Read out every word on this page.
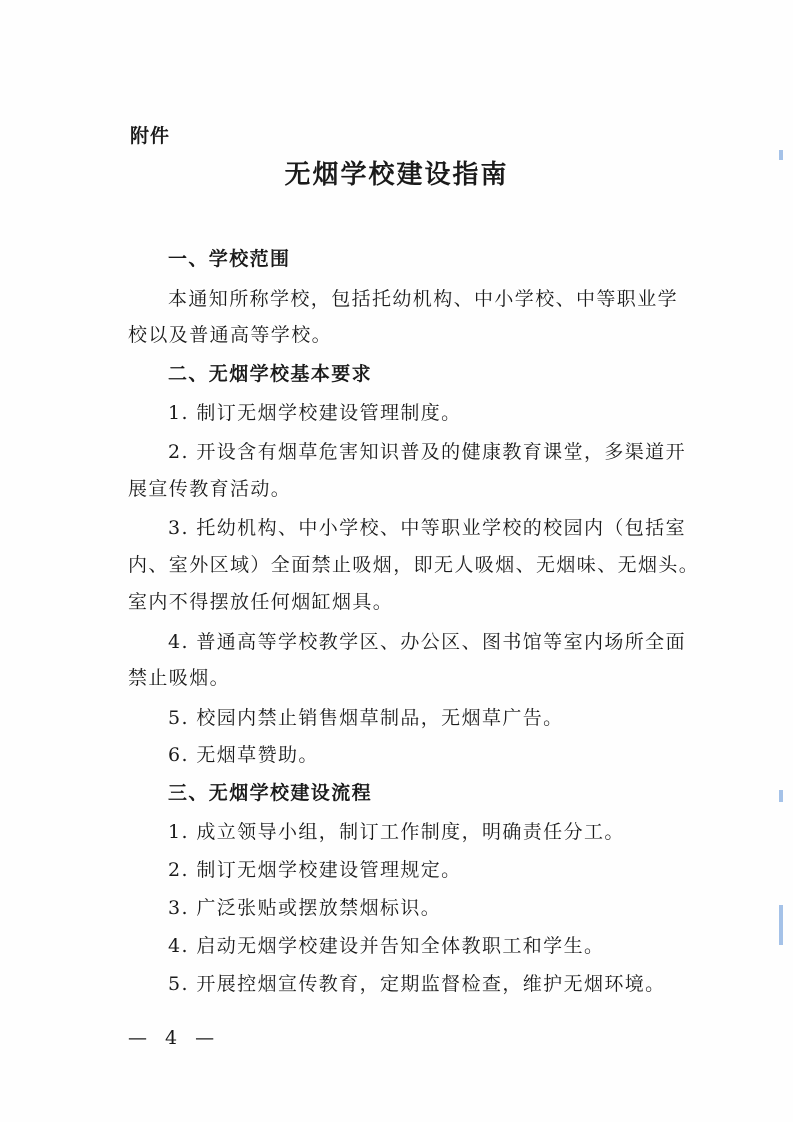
附件
无烟学校建设指南
一、学校范围
本通知所称学校，包括托幼机构、中小学校、中等职业学
校以及普通高等学校。
二、无烟学校基本要求
1. 制订无烟学校建设管理制度。
2. 开设含有烟草危害知识普及的健康教育课堂，多渠道开
展宣传教育活动。
3. 托幼机构、中小学校、中等职业学校的校园内（包括室
内、室外区域）全面禁止吸烟，即无人吸烟、无烟味、无烟头。
室内不得摆放任何烟缸烟具。
4. 普通高等学校教学区、办公区、图书馆等室内场所全面
禁止吸烟。
5. 校园内禁止销售烟草制品，无烟草广告。
6. 无烟草赞助。
三、无烟学校建设流程
1. 成立领导小组，制订工作制度，明确责任分工。
2. 制订无烟学校建设管理规定。
3. 广泛张贴或摆放禁烟标识。
4. 启动无烟学校建设并告知全体教职工和学生。
5. 开展控烟宣传教育，定期监督检查，维护无烟环境。
— 4 —
